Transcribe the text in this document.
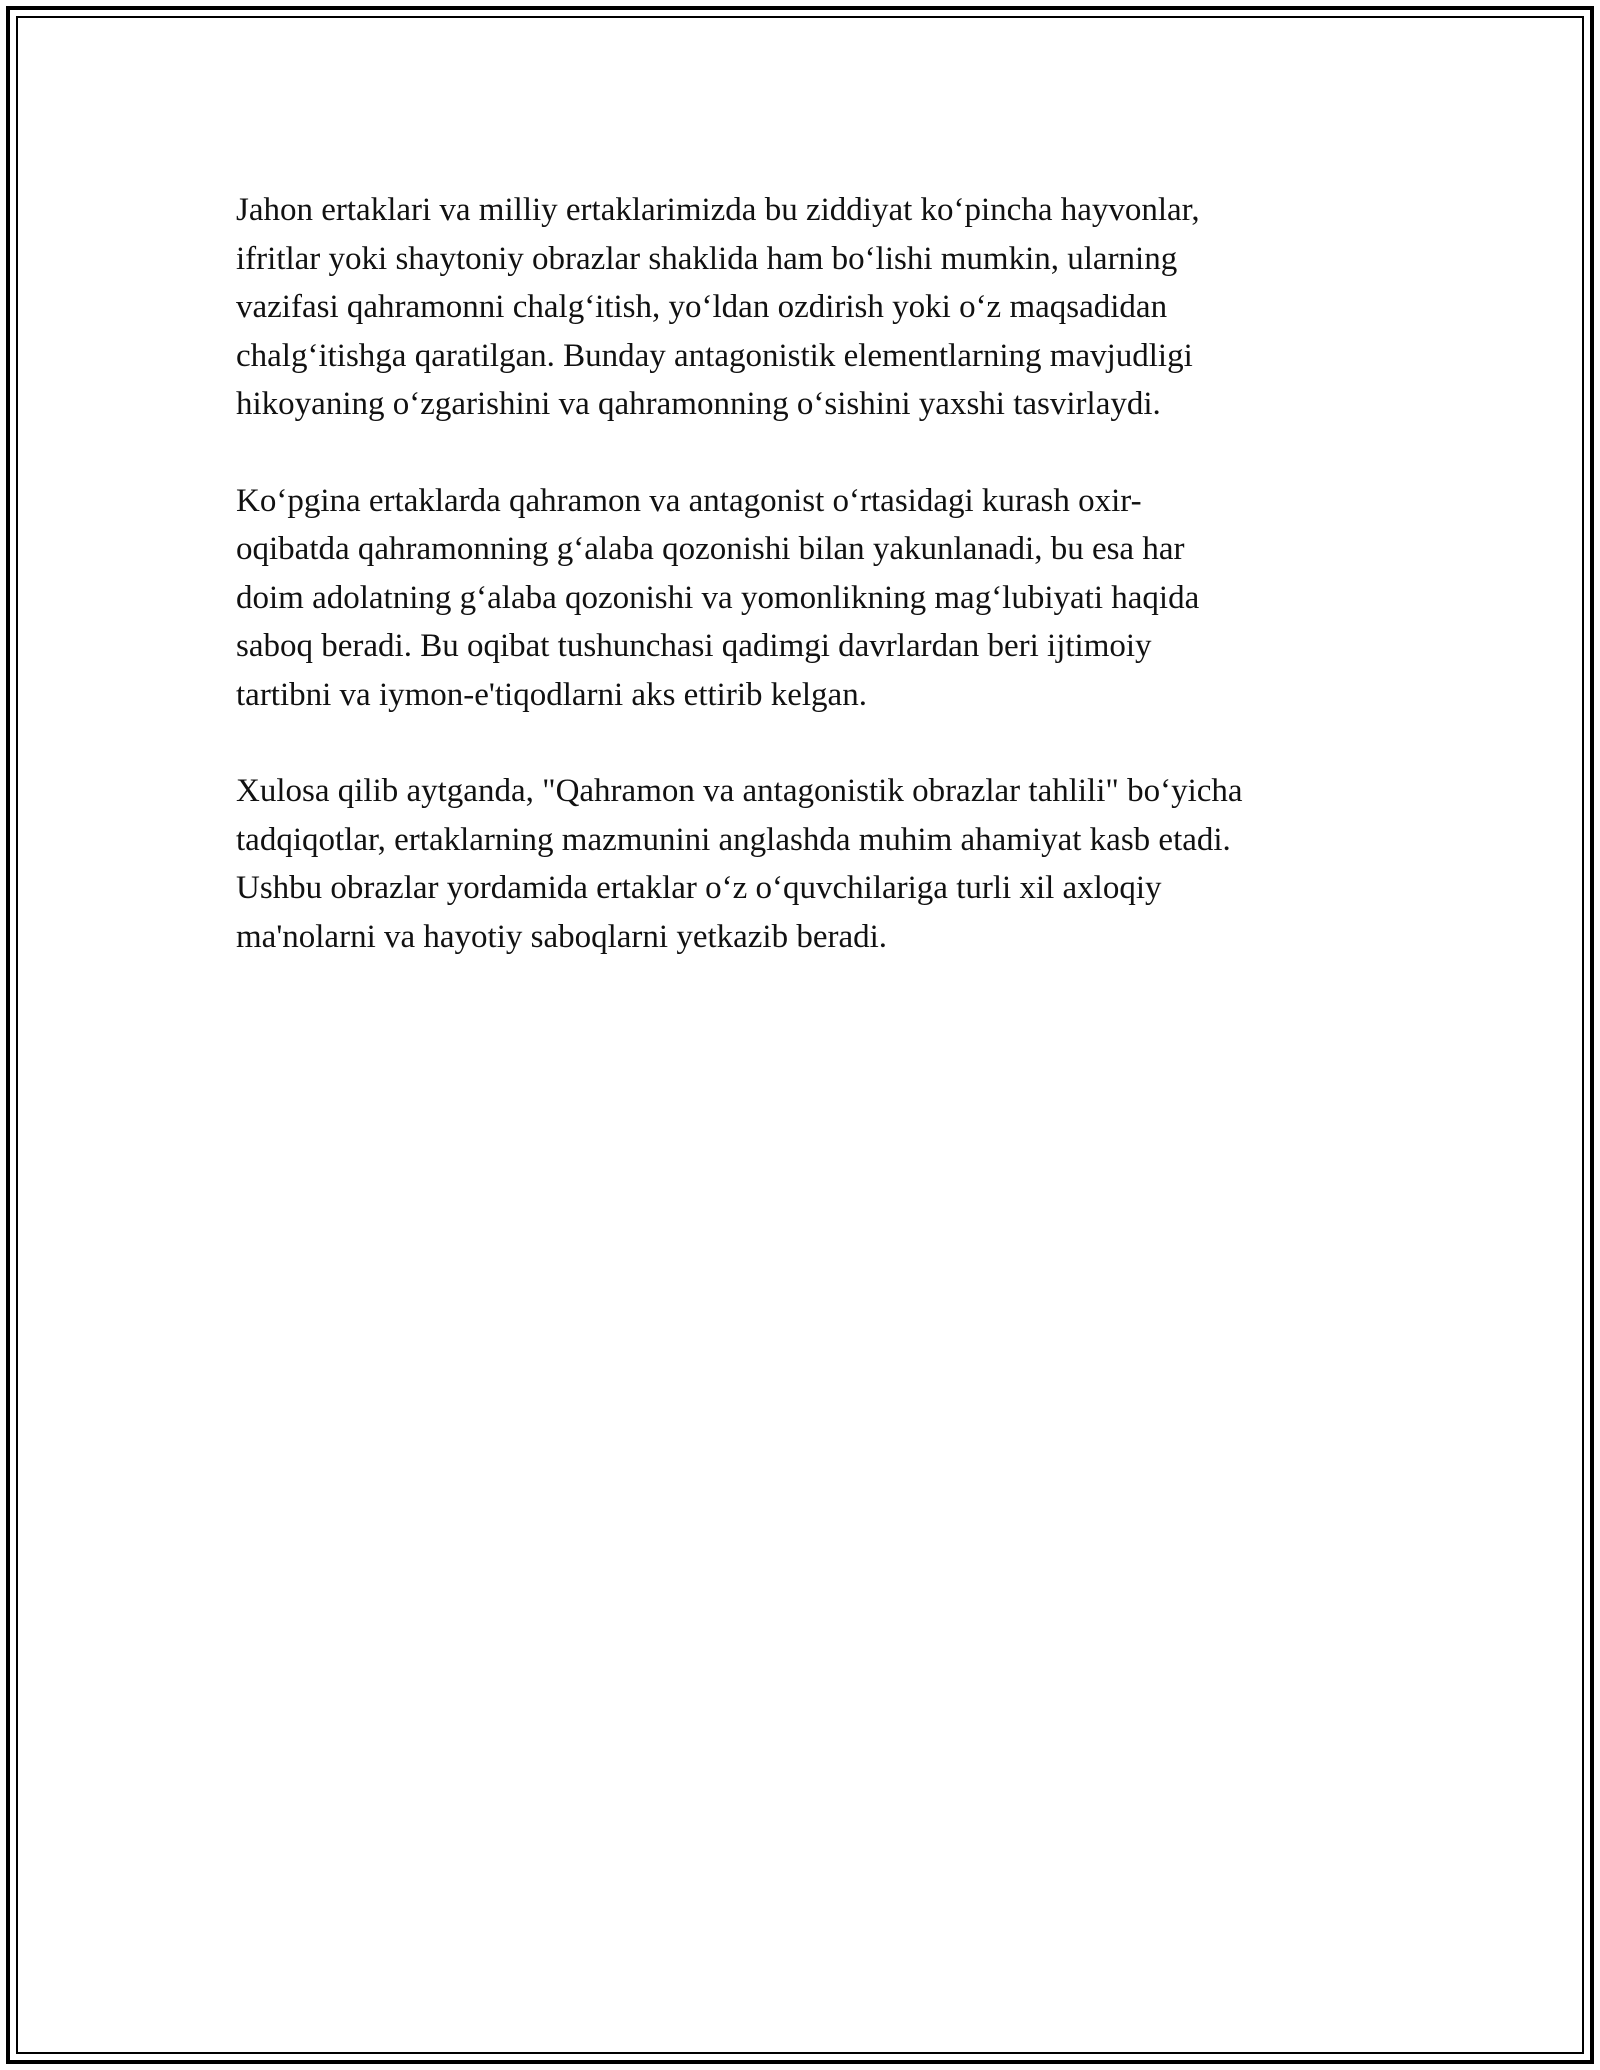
Jahon ertaklari va milliy ertaklarimizda bu ziddiyat ko‘pincha hayvonlar,
ifritlar yoki shaytoniy obrazlar shaklida ham bo‘lishi mumkin, ularning
vazifasi qahramonni chalg‘itish, yo‘ldan ozdirish yoki o‘z maqsadidan
chalg‘itishga qaratilgan. Bunday antagonistik elementlarning mavjudligi
hikoyaning o‘zgarishini va qahramonning o‘sishini yaxshi tasvirlaydi.

Ko‘pgina ertaklarda qahramon va antagonist o‘rtasidagi kurash oxir-
oqibatda qahramonning g‘alaba qozonishi bilan yakunlanadi, bu esa har
doim adolatning g‘alaba qozonishi va yomonlikning mag‘lubiyati haqida
saboq beradi. Bu oqibat tushunchasi qadimgi davrlardan beri ijtimoiy
tartibni va iymon-e'tiqodlarni aks ettirib kelgan.

Xulosa qilib aytganda, "Qahramon va antagonistik obrazlar tahlili" bo‘yicha
tadqiqotlar, ertaklarning mazmunini anglashda muhim ahamiyat kasb etadi.
Ushbu obrazlar yordamida ertaklar o‘z o‘quvchilariga turli xil axloqiy
ma'nolarni va hayotiy saboqlarni yetkazib beradi.
